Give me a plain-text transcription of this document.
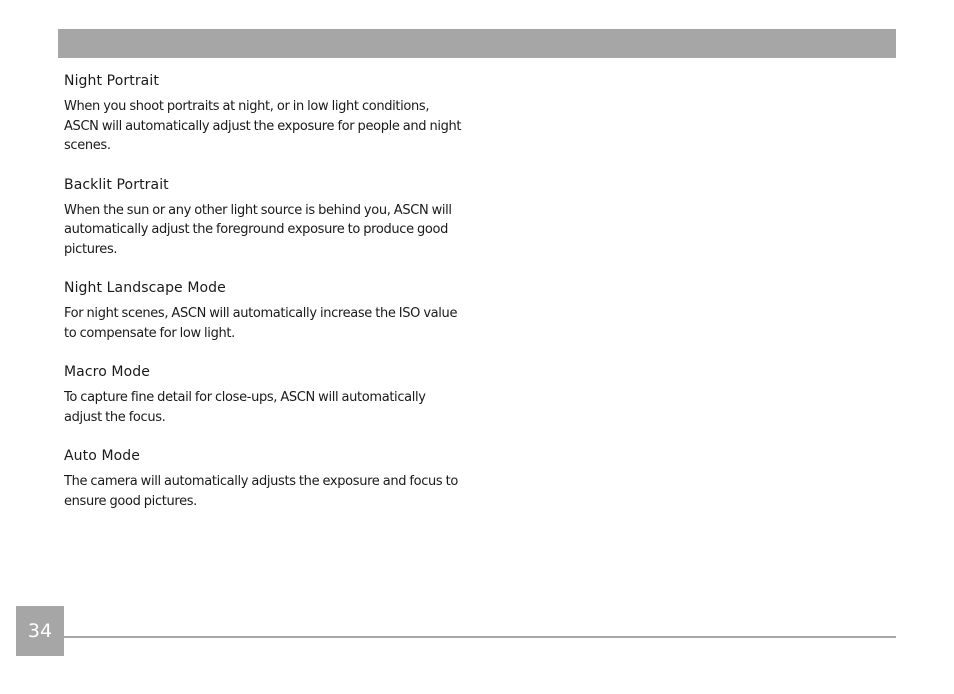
Night Portrait

When you shoot portraits at night, or in low light conditions, ASCN will automatically adjust the exposure for people and night scenes.

Backlit Portrait

When the sun or any other light source is behind you, ASCN will automatically adjust the foreground exposure to produce good pictures.

Night Landscape Mode

For night scenes, ASCN will automatically increase the ISO value to compensate for low light.

Macro Mode

To capture fine detail for close-ups, ASCN will automatically adjust the focus.

Auto Mode

The camera will automatically adjusts the exposure and focus to ensure good pictures.

34
